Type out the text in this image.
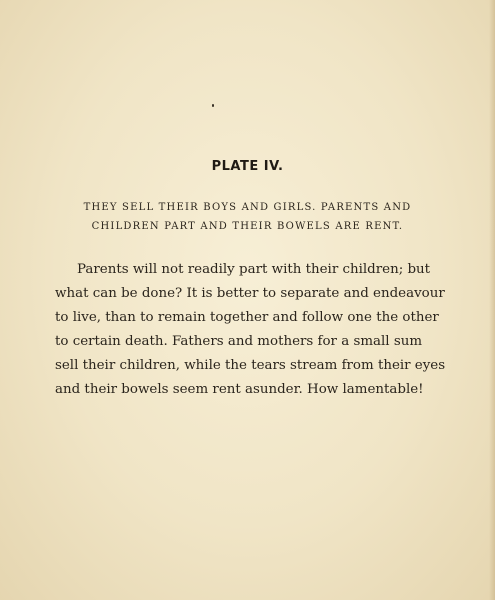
PLATE IV.

THEY SELL THEIR BOYS AND GIRLS. PARENTS AND

CHILDREN PART AND THEIR BOWELS ARE RENT.

Parents will not readily part with their children; but
what can be done? It is better to separate and endeavour
to live, than to remain together and follow one the other
to certain death. Fathers and mothers for a small sum
sell their children, while the tears stream from their eyes
and their bowels seem rent asunder. How lamentable!
